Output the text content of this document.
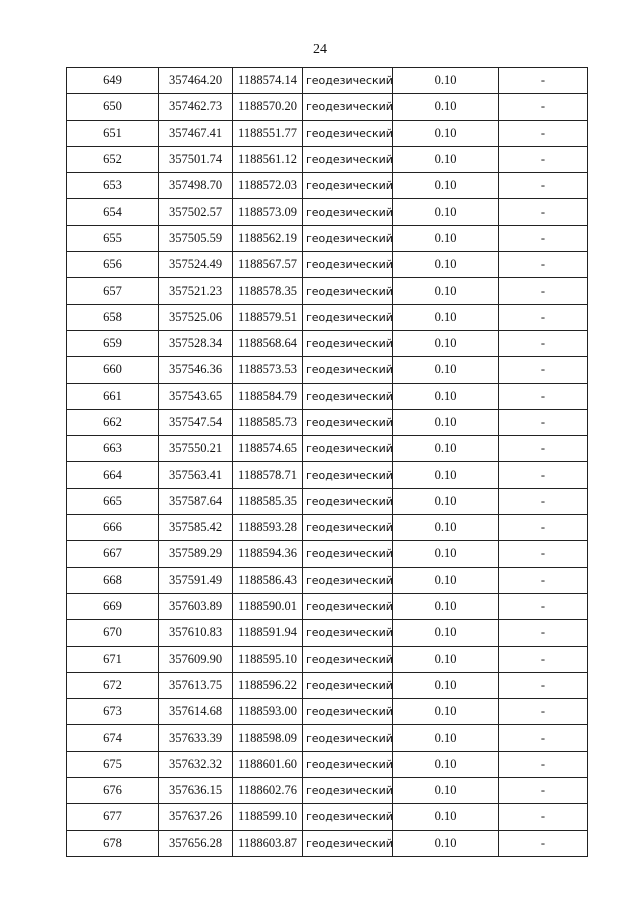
24
649	357464.20	1188574.14	геодезический	0.10	-
650	357462.73	1188570.20	геодезический	0.10	-
651	357467.41	1188551.77	геодезический	0.10	-
652	357501.74	1188561.12	геодезический	0.10	-
653	357498.70	1188572.03	геодезический	0.10	-
654	357502.57	1188573.09	геодезический	0.10	-
655	357505.59	1188562.19	геодезический	0.10	-
656	357524.49	1188567.57	геодезический	0.10	-
657	357521.23	1188578.35	геодезический	0.10	-
658	357525.06	1188579.51	геодезический	0.10	-
659	357528.34	1188568.64	геодезический	0.10	-
660	357546.36	1188573.53	геодезический	0.10	-
661	357543.65	1188584.79	геодезический	0.10	-
662	357547.54	1188585.73	геодезический	0.10	-
663	357550.21	1188574.65	геодезический	0.10	-
664	357563.41	1188578.71	геодезический	0.10	-
665	357587.64	1188585.35	геодезический	0.10	-
666	357585.42	1188593.28	геодезический	0.10	-
667	357589.29	1188594.36	геодезический	0.10	-
668	357591.49	1188586.43	геодезический	0.10	-
669	357603.89	1188590.01	геодезический	0.10	-
670	357610.83	1188591.94	геодезический	0.10	-
671	357609.90	1188595.10	геодезический	0.10	-
672	357613.75	1188596.22	геодезический	0.10	-
673	357614.68	1188593.00	геодезический	0.10	-
674	357633.39	1188598.09	геодезический	0.10	-
675	357632.32	1188601.60	геодезический	0.10	-
676	357636.15	1188602.76	геодезический	0.10	-
677	357637.26	1188599.10	геодезический	0.10	-
678	357656.28	1188603.87	геодезический	0.10	-
